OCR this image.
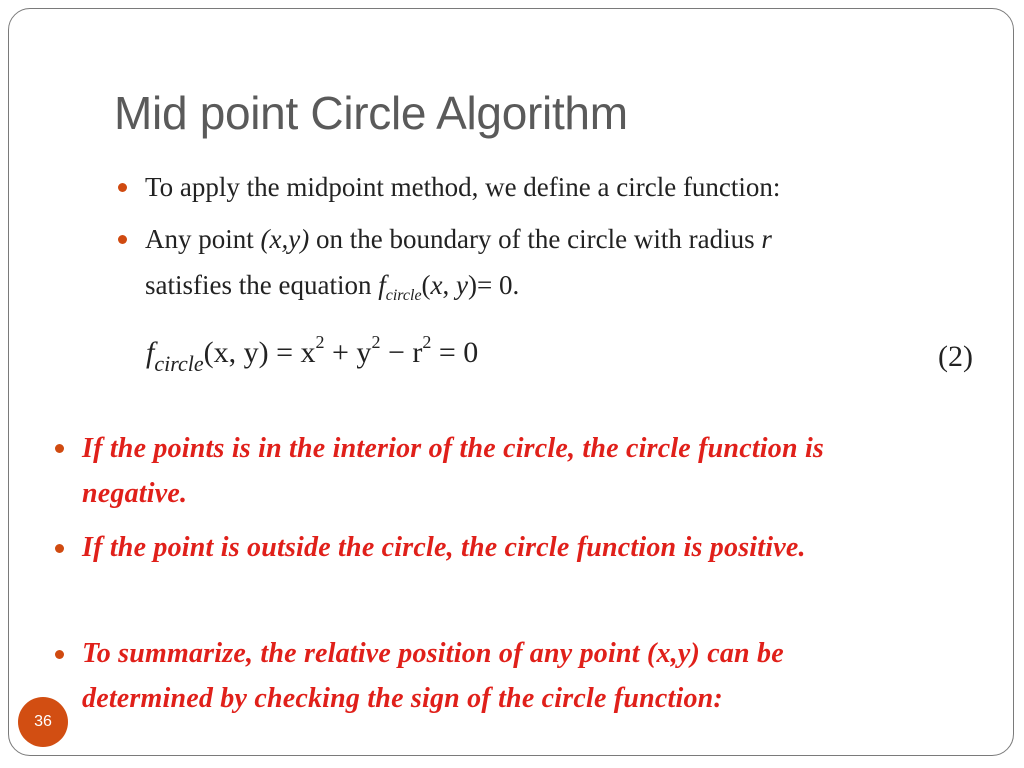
Mid point Circle Algorithm
To apply the midpoint method, we define a circle function:
Any point (x,y) on the boundary of the circle with radius r
satisfies the equation $f_{circle}(x$, y)= 0.
$f_{circle}(x$, $y) = x^2 + y^2 - r^2 = 0$	(2)
If the points is in the interior of the circle, the circle function is
negative.
If the point is outside the circle, the circle function is positive.
To summarize, the relative position of any point (x,y) can be
determined by checking the sign of the circle function:
36
